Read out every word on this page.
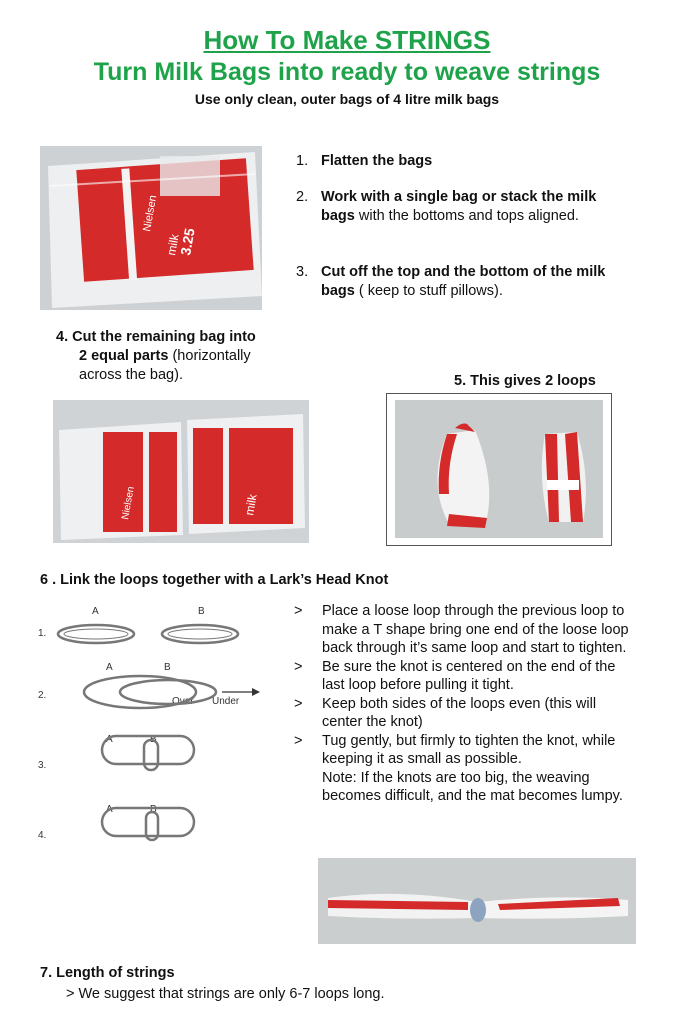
How To Make STRINGS
Turn Milk Bags into ready to weave strings
Use only clean, outer bags of 4 litre milk bags
Nielsen
3.25
milk
1. Flatten the bags
2. Work with a single bag or stack the milk bags with the bottoms and tops aligned.
3. Cut off the top and the bottom of the milk bags ( keep to stuff pillows).
4. Cut the remaining bag into
2 equal parts (horizontally across the bag).
Nielsen	milk
5. This gives 2 loops
6 . Link the loops together with a Lark’s Head Knot
A	B
1.
A	B
2.
Over Under
A	B
3.
A	B
4.
> Place a loose loop through the previous loop to make a T shape bring one end of the loose loop back through it’s same loop and start to tighten.
> Be sure the knot is centered on the end of the last loop before pulling it tight.
> Keep both sides of the loops even (this will center the knot)
> Tug gently, but firmly to tighten the knot, while keeping it as small as possible.
Note: If the knots are too big, the weaving becomes difficult, and the mat becomes lumpy.
7. Length of strings
> We suggest that strings are only 6-7 loops long.
